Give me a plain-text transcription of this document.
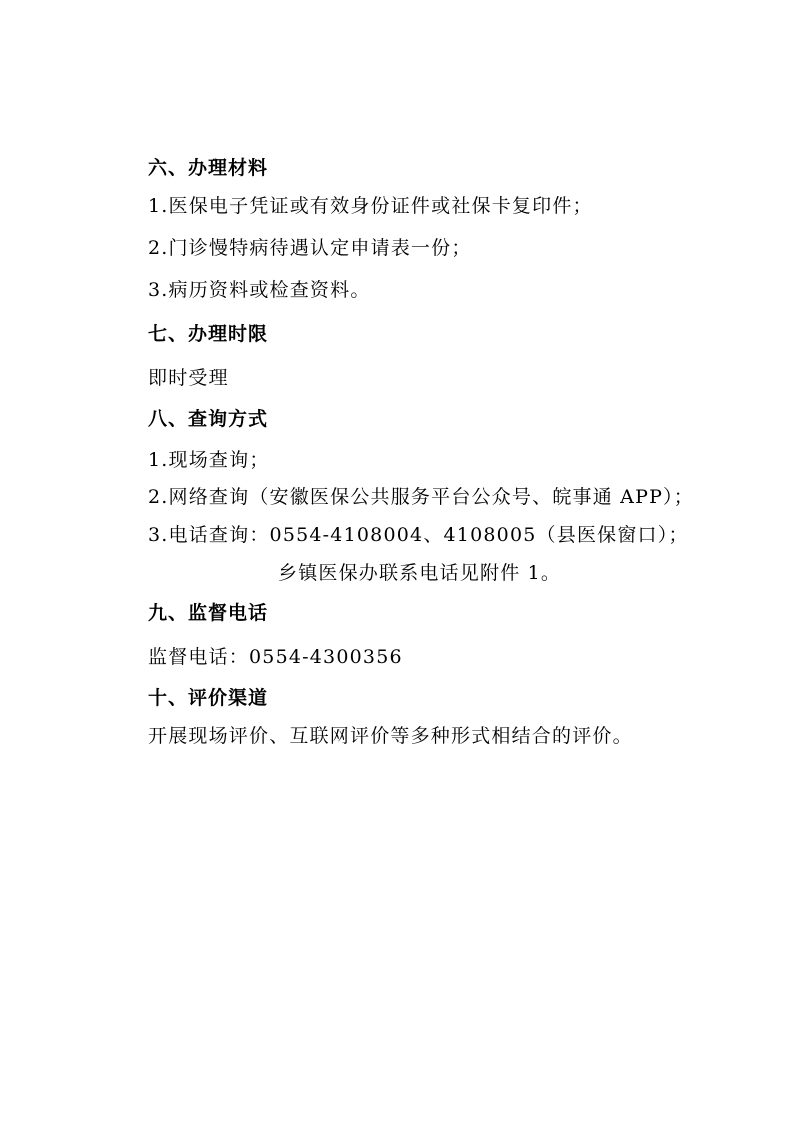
六、办理材料
1.医保电子凭证或有效身份证件或社保卡复印件；
2.门诊慢特病待遇认定申请表一份；
3.病历资料或检查资料。
七、办理时限
即时受理
八、查询方式
1.现场查询；
2.网络查询（安徽医保公共服务平台公众号、皖事通 APP）；
3.电话查询：0554-4108004、4108005（县医保窗口）；
乡镇医保办联系电话见附件 1。
九、监督电话
监督电话：0554-4300356
十、评价渠道
开展现场评价、互联网评价等多种形式相结合的评价。
